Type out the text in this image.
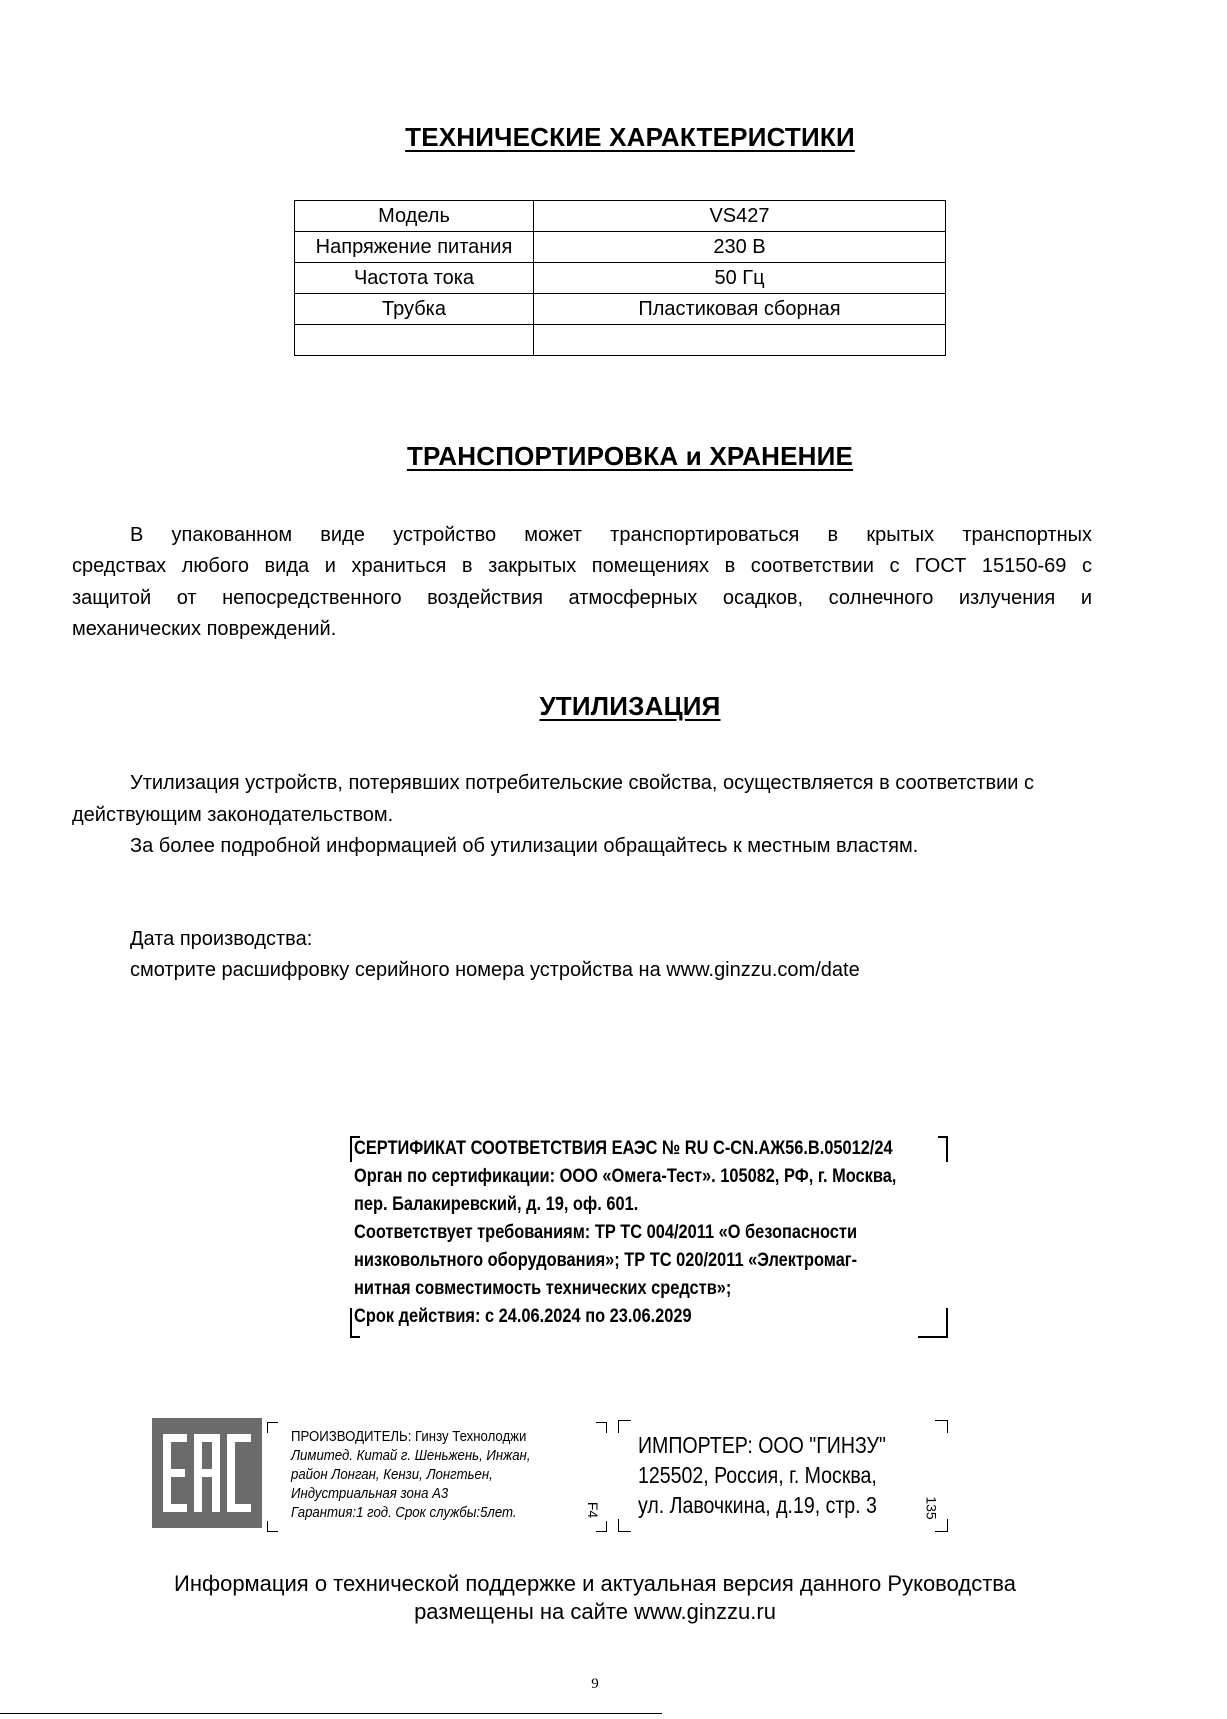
ТЕХНИЧЕСКИЕ ХАРАКТЕРИСТИКИ
Модель	VS427
Напряжение питания	230 В
Частота тока	50 Гц
Трубка	Пластиковая сборная

ТРАНСПОРТИРОВКА и ХРАНЕНИЕ
В упакованном виде устройство может транспортироваться в крытых транспортных
средствах любого вида и храниться в закрытых помещениях в соответствии с ГОСТ 15150-69 с
защитой от непосредственного воздействия атмосферных осадков, солнечного излучения и
механических повреждений.
УТИЛИЗАЦИЯ
Утилизация устройств, потерявших потребительские свойства, осуществляется в соответствии с
действующим законодательством.
За более подробной информацией об утилизации обращайтесь к местным властям.
Дата производства:
смотрите расшифровку серийного номера устройства на www.ginzzu.com/date
СЕРТИФИКАТ СООТВЕТСТВИЯ ЕАЭС № RU C-CN.АЖ56.В.05012/24
Орган по сертификации: ООО «Омега-Тест». 105082, РФ, г. Москва,
пер. Балакиревский, д. 19, оф. 601.
Соответствует требованиям: ТР ТС 004/2011 «О безопасности
низковольтного оборудования»; ТР ТС 020/2011 «Электромаг-
нитная совместимость технических средств»;
Срок действия: с 24.06.2024 по 23.06.2029
ПРОИЗВОДИТЕЛЬ: Гинзу Технолоджи
Лимитед. Китай г. Шеньжень, Инжан,
район Лонган, Кензи, Лонгтьен,
Индустриальная зона А3
Гарантия:1 год. Срок службы:5лет.	F4
ИМПОРТЕР: ООО "ГИНЗУ"
125502, Россия, г. Москва,
ул. Лавочкина, д.19, стр. 3	135
Информация о технической поддержке и актуальная версия данного Руководства
размещены на сайте www.ginzzu.ru
9
